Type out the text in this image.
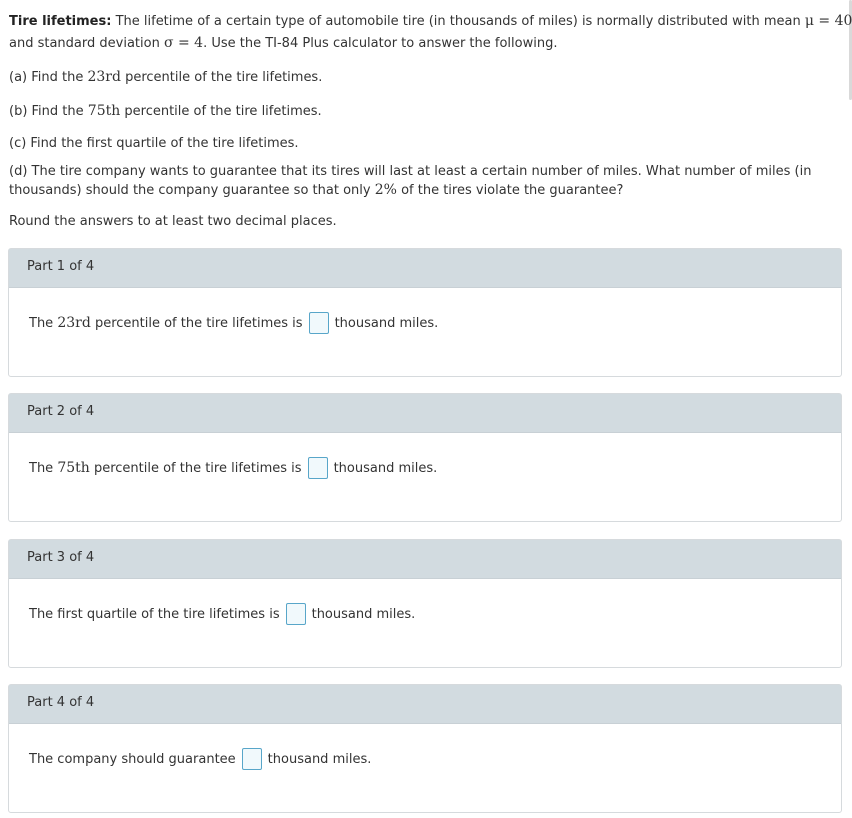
Tire lifetimes: The lifetime of a certain type of automobile tire (in thousands of miles) is normally distributed with mean μ = 40
and standard deviation σ = 4. Use the TI-84 Plus calculator to answer the following.
(a) Find the 23rd percentile of the tire lifetimes.
(b) Find the 75th percentile of the tire lifetimes.
(c) Find the first quartile of the tire lifetimes.
(d) The tire company wants to guarantee that its tires will last at least a certain number of miles. What number of miles (in
thousands) should the company guarantee so that only 2% of the tires violate the guarantee?
Round the answers to at least two decimal places.
Part 1 of 4
The
23rd
percentile of the tire lifetimes is thousand miles.
Part 2 of 4
The
75th
percentile of the tire lifetimes is thousand miles.
Part 3 of 4
The first quartile of the tire lifetimes is thousand miles.
Part 4 of 4
The company should guarantee thousand miles.
